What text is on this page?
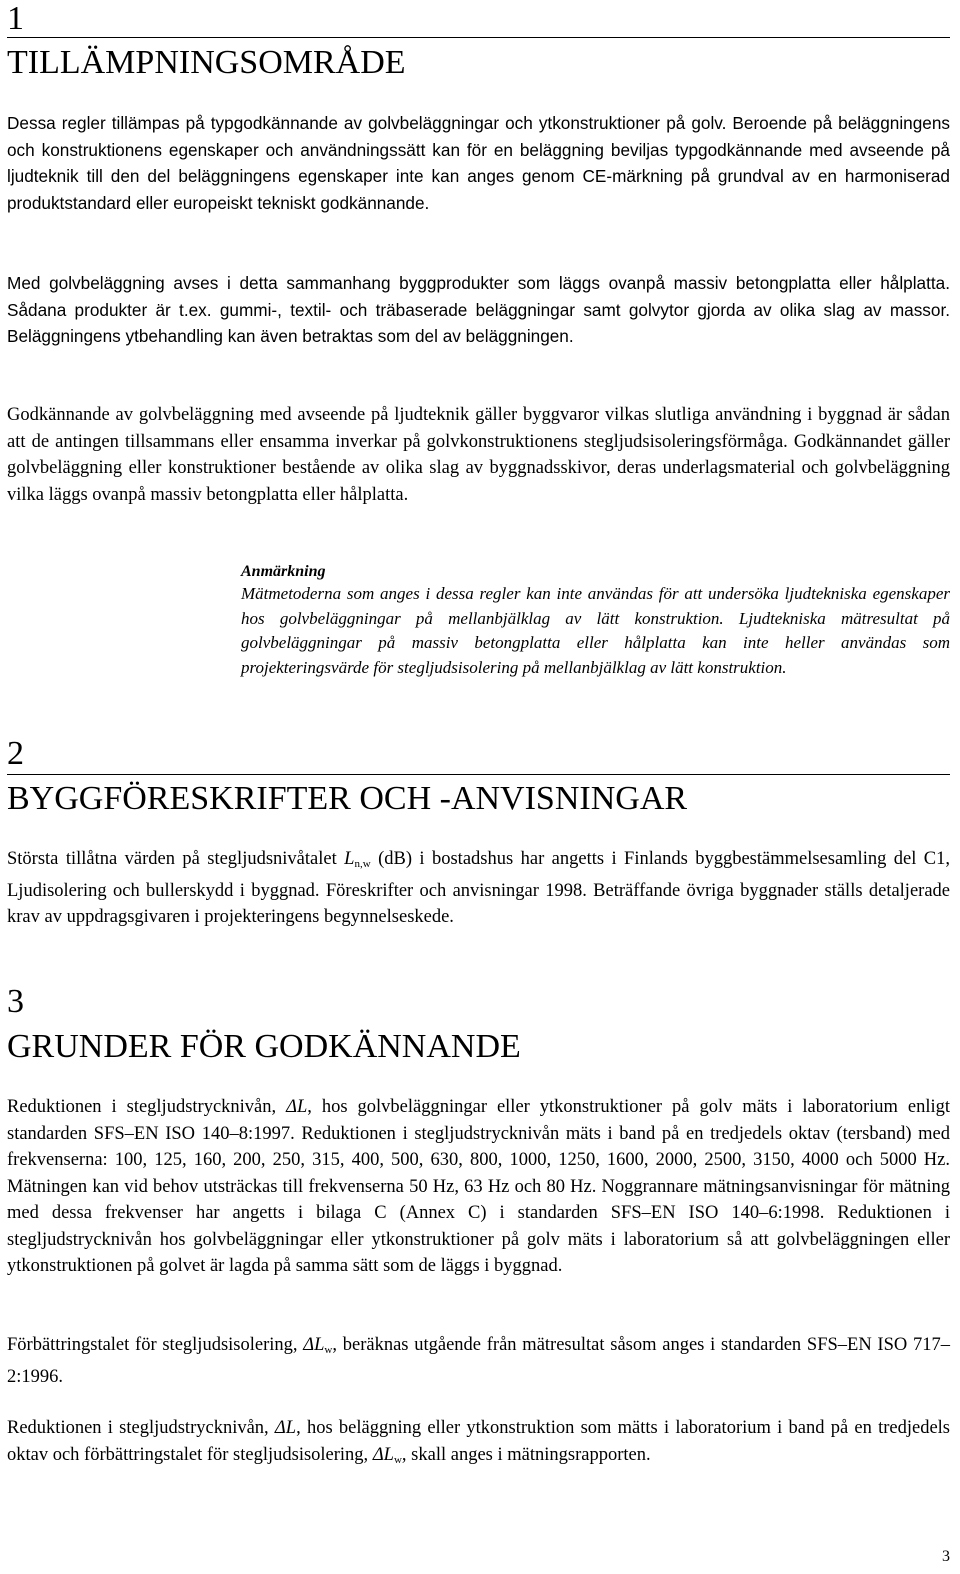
1
TILLÄMPNINGSOMRÅDE

Dessa regler tillämpas på typgodkännande av golvbeläggningar och ytkonstruktioner på golv. Beroende på beläggningens och konstruktionens egenskaper och användningssätt kan för en beläggning beviljas typgodkännande med avseende på ljudteknik till den del beläggningens egenskaper inte kan anges genom CE-märkning på grundval av en harmoniserad produktstandard eller europeiskt tekniskt godkännande.

Med golvbeläggning avses i detta sammanhang byggprodukter som läggs ovanpå massiv betongplatta eller hålplatta. Sådana produkter är t.ex. gummi-, textil- och träbaserade beläggningar samt golvytor gjorda av olika slag av massor. Beläggningens ytbehandling kan även betraktas som del av beläggningen.

Godkännande av golvbeläggning med avseende på ljudteknik gäller byggvaror vilkas slutliga användning i byggnad är sådan att de antingen tillsammans eller ensamma inverkar på golvkonstruktionens stegljudsisoleringsförmåga. Godkännandet gäller golvbeläggning eller konstruktioner bestående av olika slag av byggnadsskivor, deras underlagsmaterial och golvbeläggning vilka läggs ovanpå massiv betongplatta eller hålplatta.

Anmärkning

Mätmetoderna som anges i dessa regler kan inte användas för att undersöka ljudtekniska egenskaper hos golvbeläggningar på mellanbjälklag av lätt konstruktion. Ljudtekniska mätresultat på golvbeläggningar på massiv betongplatta eller hålplatta kan inte heller användas som projekteringsvärde för stegljudsisolering på mellanbjälklag av lätt konstruktion.

2
BYGGFÖRESKRIFTER OCH -ANVISNINGAR

Största tillåtna värden på stegljudsnivåtalet $L_{n,w}$ (dB) i bostadshus har angetts i Finlands byggbestämmelsesamling del C1, Ljudisolering och bullerskydd i byggnad. Föreskrifter och anvisningar 1998. Beträffande övriga byggnader ställs detaljerade krav av uppdragsgivaren i projekteringens begynnelseskede.

3
GRUNDER FÖR GODKÄNNANDE

Reduktionen i stegljudstrycknivån, ΔL, hos golvbeläggningar eller ytkonstruktioner på golv mäts i laboratorium enligt standarden SFS–EN ISO 140–8:1997. Reduktionen i stegljudstrycknivån mäts i band på en tredjedels oktav (tersband) med frekvenserna: 100, 125, 160, 200, 250, 315, 400, 500, 630, 800, 1000, 1250, 1600, 2000, 2500, 3150, 4000 och 5000 Hz. Mätningen kan vid behov utsträckas till frekvenserna 50 Hz, 63 Hz och 80 Hz. Noggrannare mätningsanvisningar för mätning med dessa frekvenser har angetts i bilaga C (Annex C) i standarden SFS–EN ISO 140–6:1998. Reduktionen i stegljudstrycknivån hos golvbeläggningar eller ytkonstruktioner på golv mäts i laboratorium så att golvbeläggningen eller ytkonstruktionen på golvet är lagda på samma sätt som de läggs i byggnad.

Förbättringstalet för stegljudsisolering, $\Delta L_w$, beräknas utgående från mätresultat såsom anges i standarden SFS–EN ISO 717–2:1996.

Reduktionen i stegljudstrycknivån, ΔL, hos beläggning eller ytkonstruktion som mätts i laboratorium i band på en tredjedels oktav och förbättringstalet för stegljudsisolering, $\Delta L_w$, skall anges i mätningsrapporten.

3
